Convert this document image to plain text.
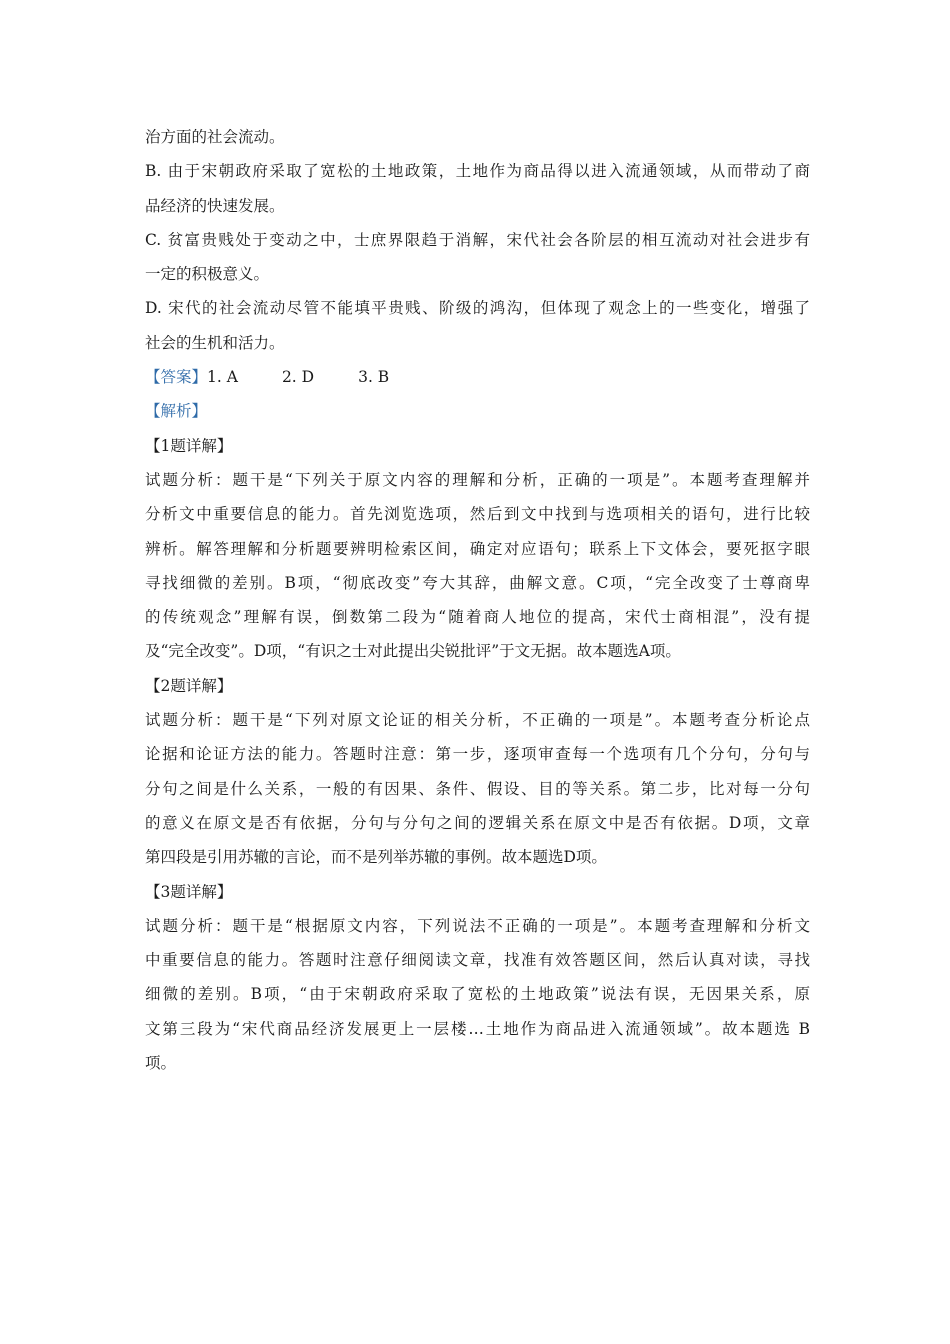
治方面的社会流动。

B. 由于宋朝政府采取了宽松的土地政策，土地作为商品得以进入流通领域，从而带动了商

品经济的快速发展。

C. 贫富贵贱处于变动之中，士庶界限趋于消解，宋代社会各阶层的相互流动对社会进步有

一定的积极意义。

D. 宋代的社会流动尽管不能填平贵贱、阶级的鸿沟，但体现了观念上的一些变化，增强了

社会的生机和活力。

【答案】1. A	2. D	3. B

【解析】

【1题详解】

试题分析：题干是“下列关于原文内容的理解和分析，正确的一项是”。本题考查理解并

分析文中重要信息的能力。首先浏览选项，然后到文中找到与选项相关的语句，进行比较

辨析。解答理解和分析题要辨明检索区间，确定对应语句；联系上下文体会，要死抠字眼

寻找细微的差别。B项，“彻底改变”夸大其辞，曲解文意。C项，“完全改变了士尊商卑

的传统观念”理解有误，倒数第二段为“随着商人地位的提高，宋代士商相混”，没有提

及“完全改变”。D项，“有识之士对此提出尖锐批评”于文无据。故本题选A项。

【2题详解】

试题分析：题干是“下列对原文论证的相关分析，不正确的一项是”。本题考查分析论点

论据和论证方法的能力。答题时注意：第一步，逐项审查每一个选项有几个分句，分句与

分句之间是什么关系，一般的有因果、条件、假设、目的等关系。第二步，比对每一分句

的意义在原文是否有依据，分句与分句之间的逻辑关系在原文中是否有依据。D项，文章

第四段是引用苏辙的言论，而不是列举苏辙的事例。故本题选D项。

【3题详解】

试题分析：题干是“根据原文内容，下列说法不正确的一项是”。本题考查理解和分析文

中重要信息的能力。答题时注意仔细阅读文章，找准有效答题区间，然后认真对读，寻找

细微的差别。B项，“由于宋朝政府采取了宽松的土地政策”说法有误，无因果关系，原

文第三段为“宋代商品经济发展更上一层楼…土地作为商品进入流通领域”。故本题选 B

项。
